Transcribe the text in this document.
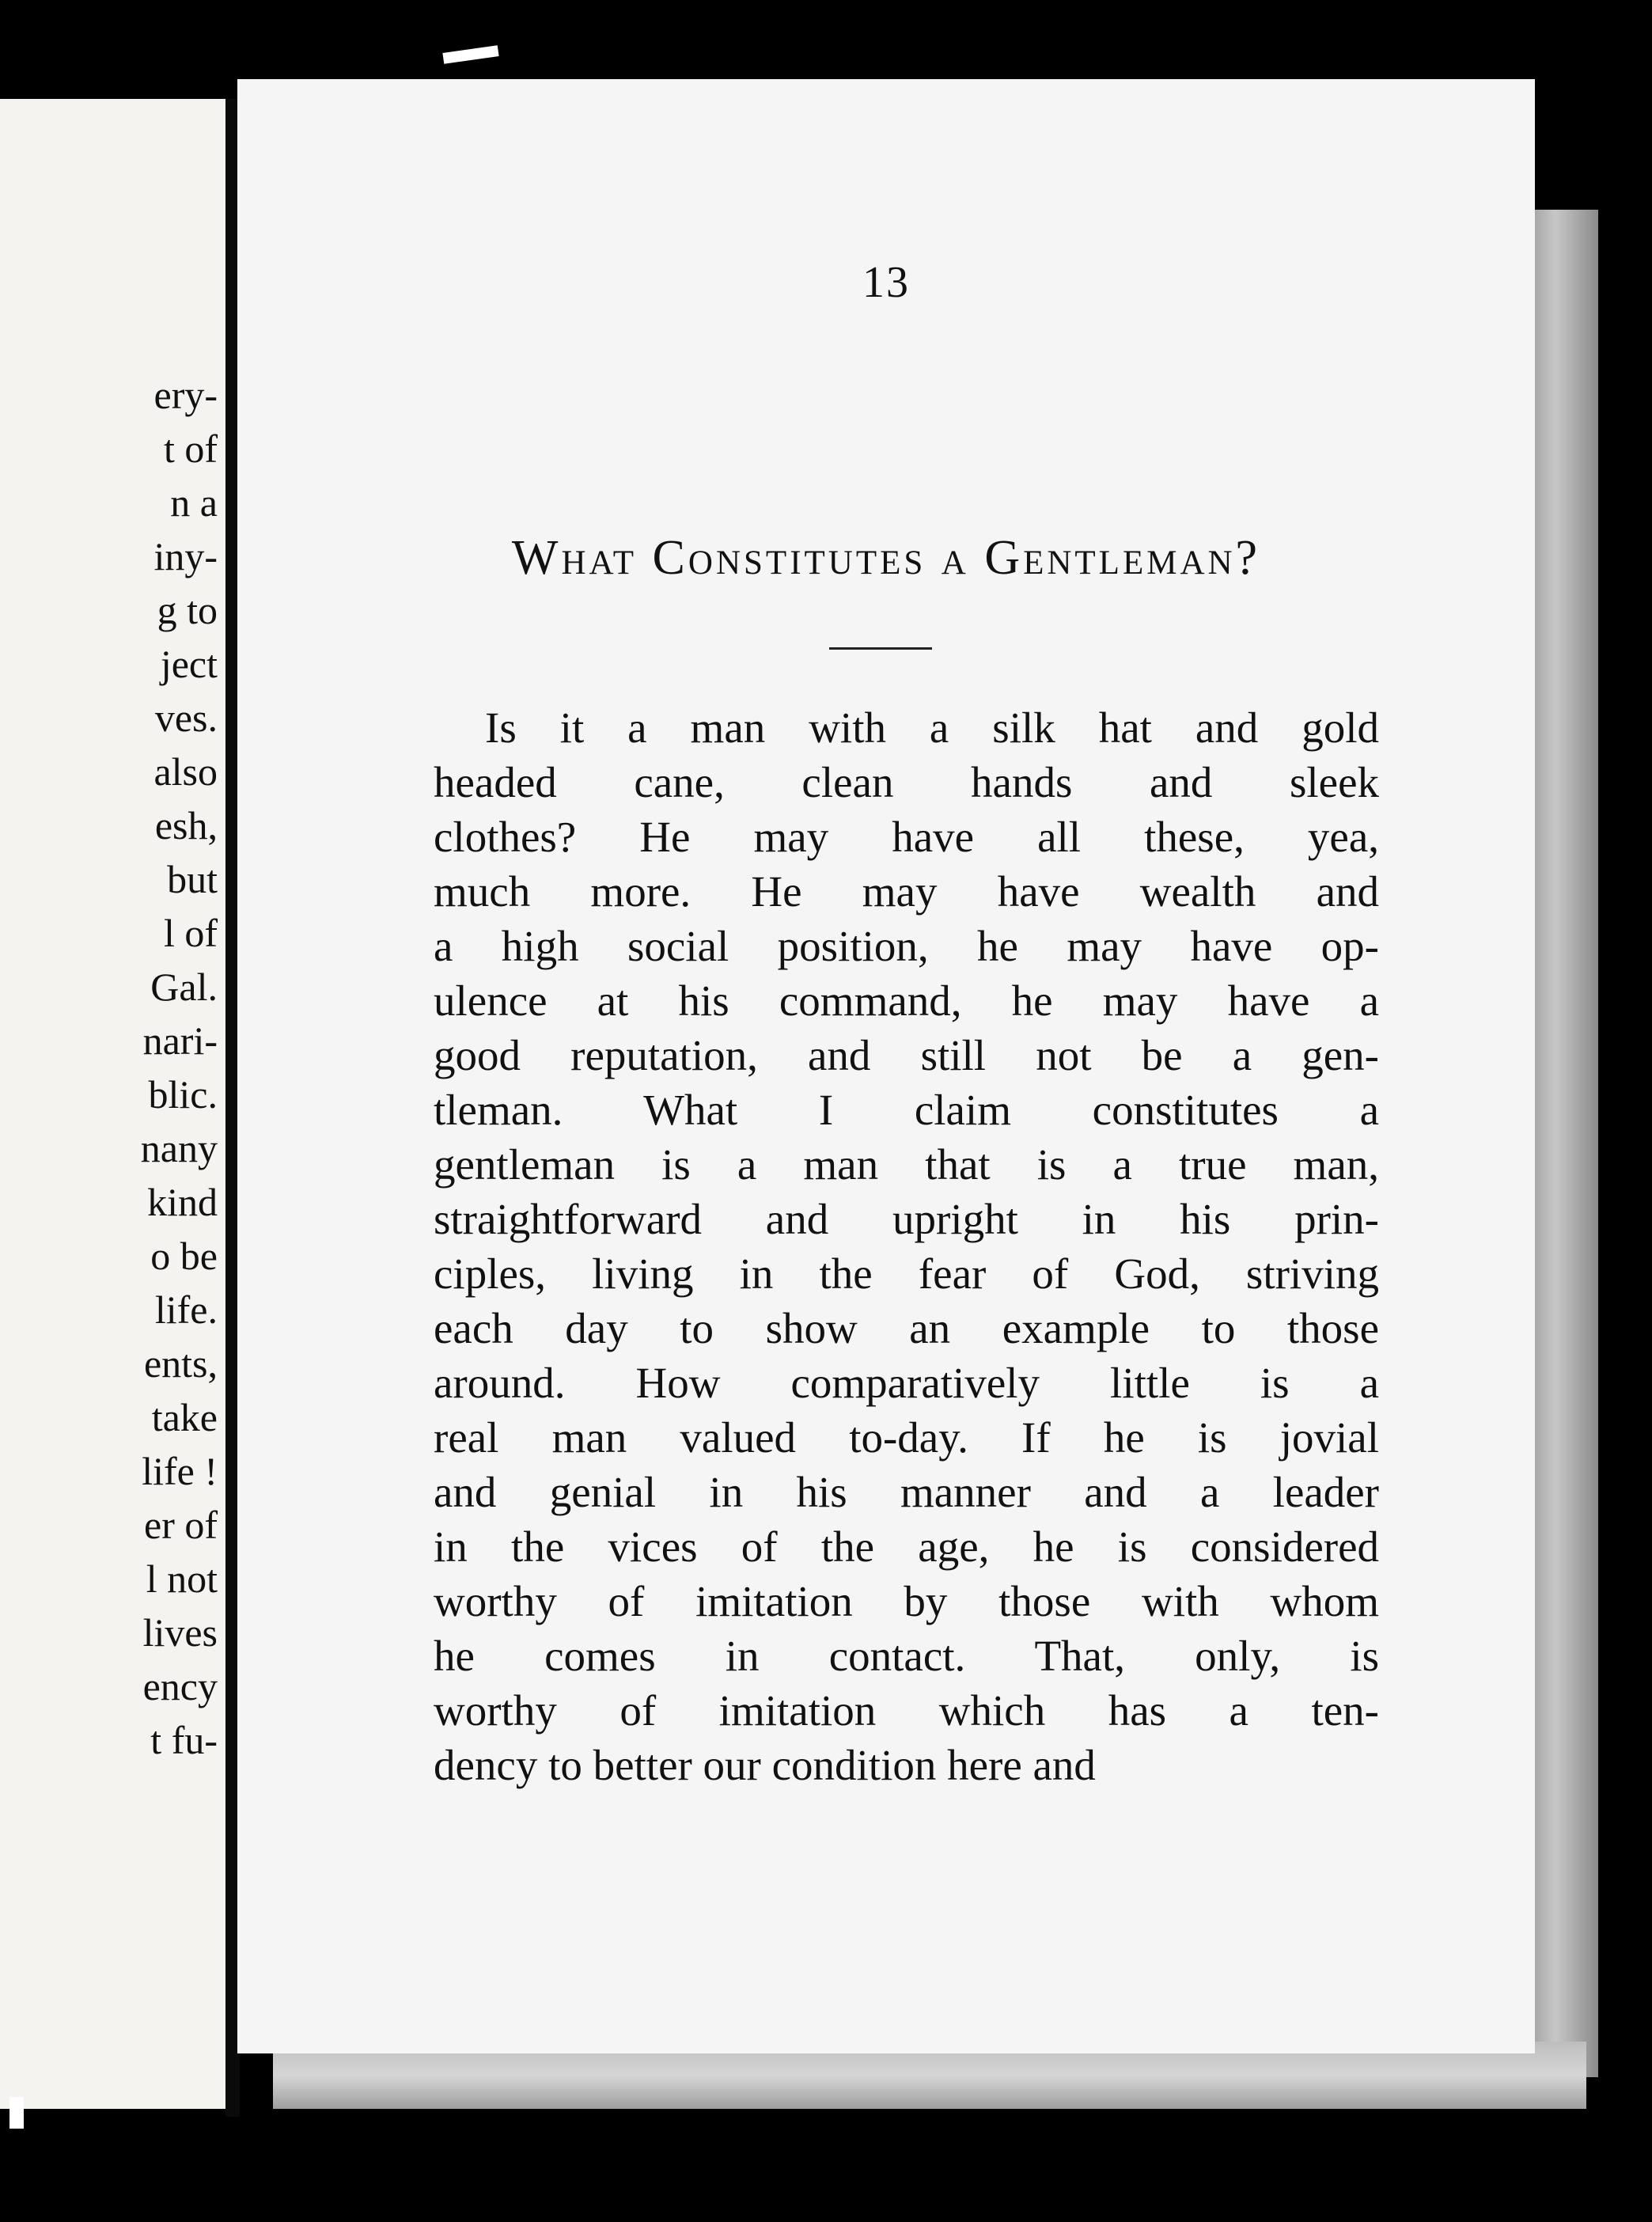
ery-
t of
n a
iny-
g to
ject
ves.
also
esh,
but
l of
Gal.
nari-
blic.
nany
kind
o be
life.
ents,
take
life !
er of
l not
lives
ency
t fu-
13
What Constitutes a Gentleman?
Is it a man with a silk hat and gold
headed cane, clean hands and sleek
clothes? He may have all these, yea,
much more. He may have wealth and
a high social position, he may have op-
ulence at his command, he may have a
good reputation, and still not be a gen-
tleman. What I claim constitutes a
gentleman is a man that is a true man,
straightforward and upright in his prin-
ciples, living in the fear of God, striving
each day to show an example to those
around. How comparatively little is a
real man valued to-day. If he is jovial
and genial in his manner and a leader
in the vices of the age, he is considered
worthy of imitation by those with whom
he comes in contact. That, only, is
worthy of imitation which has a ten-
dency to better our condition here and
